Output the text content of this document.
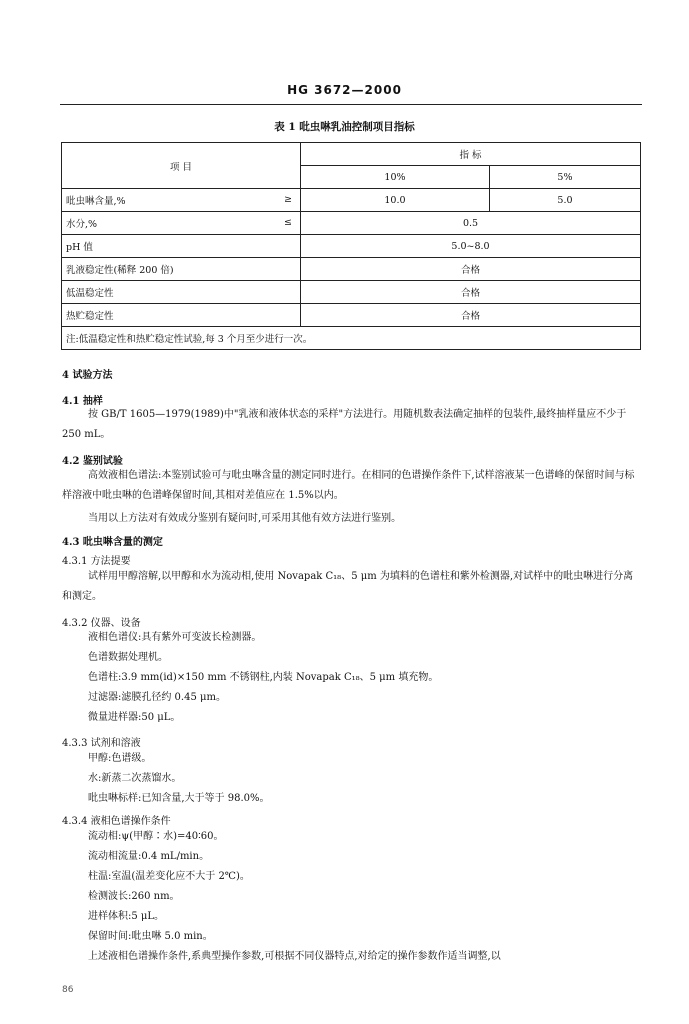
HG 3672—2000
表 1 吡虫啉乳油控制项目指标
项 目	指 标	
	10%	5%
吡虫啉含量,% ≥	10.0	5.0
水分,% ≤	0.5	
pH 值	5.0~8.0	
乳液稳定性(稀释 200 倍)	合格	
低温稳定性	合格	
热贮稳定性	合格	
注:低温稳定性和热贮稳定性试验,每 3 个月至少进行一次。		
4 试验方法
4.1 抽样
按 GB/T 1605—1979(1989)中"乳液和液体状态的采样"方法进行。用随机数表法确定抽样的包装件,最终抽样量应不少于 250 mL。
4.2 鉴别试验
高效液相色谱法:本鉴别试验可与吡虫啉含量的测定同时进行。在相同的色谱操作条件下,试样溶液某一色谱峰的保留时间与标样溶液中吡虫啉的色谱峰保留时间,其相对差值应在 1.5%以内。
当用以上方法对有效成分鉴别有疑问时,可采用其他有效方法进行鉴别。
4.3 吡虫啉含量的测定
4.3.1 方法提要
试样用甲醇溶解,以甲醇和水为流动相,使用 Novapak C₁₈、5 μm 为填料的色谱柱和紫外检测器,对试样中的吡虫啉进行分离和测定。
4.3.2 仪器、设备
液相色谱仪:具有紫外可变波长检测器。
色谱数据处理机。
色谱柱:3.9 mm(id)×150 mm 不锈钢柱,内装 Novapak C₁₈、5 μm 填充物。
过滤器:滤膜孔径约 0.45 μm。
微量进样器:50 μL。
4.3.3 试剂和溶液
甲醇:色谱级。
水:新蒸二次蒸馏水。
吡虫啉标样:已知含量,大于等于 98.0%。
4.3.4 液相色谱操作条件
流动相:ψ(甲醇∶水)=40∶60。
流动相流量:0.4 mL/min。
柱温:室温(温差变化应不大于 2℃)。
检测波长:260 nm。
进样体积:5 μL。
保留时间:吡虫啉 5.0 min。
上述液相色谱操作条件,系典型操作参数,可根据不同仪器特点,对给定的操作参数作适当调整,以
86
